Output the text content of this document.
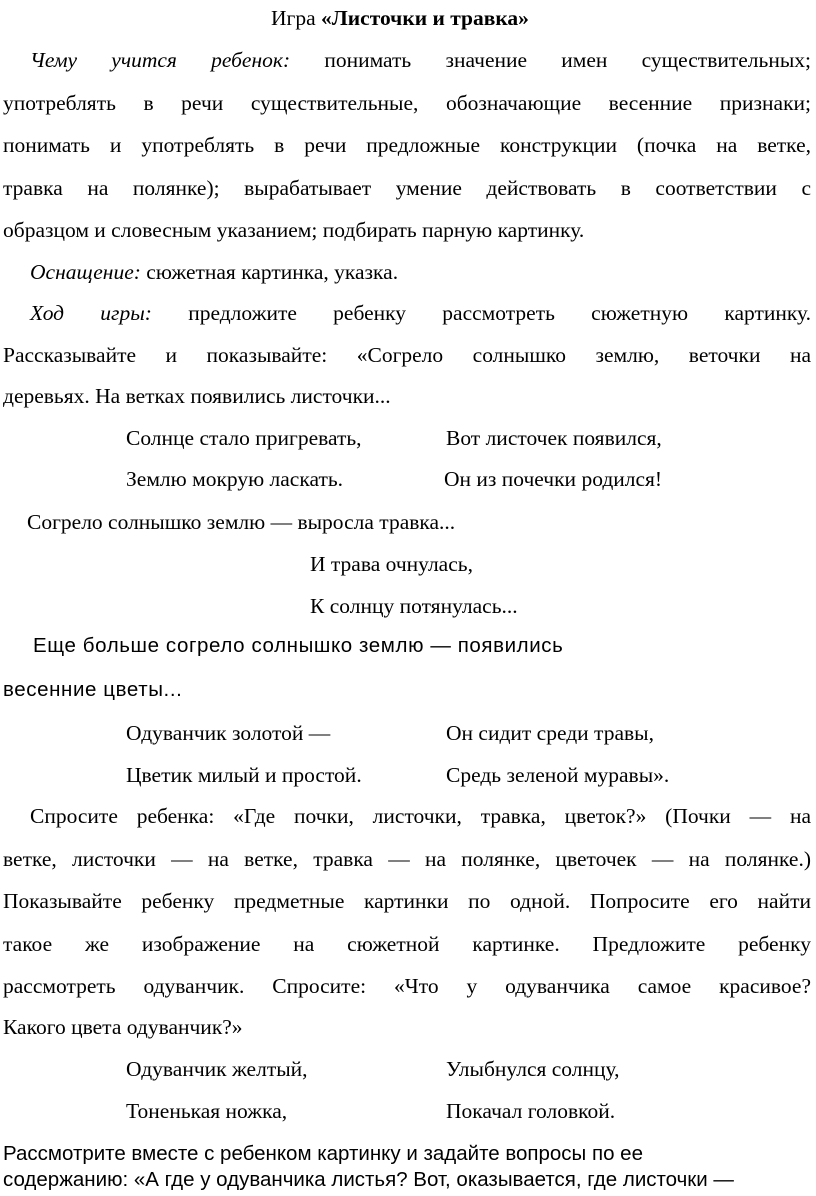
Игра «Листочки и травка»
Чему учится ребенок: понимать значение имен существительных;
употреблять в речи существительные, обозначающие весенние признаки;
понимать и употреблять в речи предложные конструкции (почка на ветке,
травка на полянке); вырабатывает умение действовать в соответствии с
образцом и словесным указанием; подбирать парную картинку.
Оснащение: сюжетная картинка, указка.
Ход игры: предложите ребенку рассмотреть сюжетную картинку.
Рассказывайте и показывайте: «Согрело солнышко землю, веточки на
деревьях. На ветках появились листочки...
Солнце стало пригревать,	Вот листочек появился,
Землю мокрую ласкать.	Он из почечки родился!
Согрело солнышко землю — выросла травка...
И трава очнулась,
К солнцу потянулась...
Еще больше согрело солнышко землю — появились
весенние цветы...
Одуванчик золотой —	Он сидит среди травы,
Цветик милый и простой.	Средь зеленой муравы».
Спросите ребенка: «Где почки, листочки, травка, цветок?» (Почки — на
ветке, листочки — на ветке, травка — на полянке, цветочек — на полянке.)
Показывайте ребенку предметные картинки по одной. Попросите его найти
такое же изображение на сюжетной картинке. Предложите ребенку
рассмотреть одуванчик. Спросите: «Что у одуванчика самое красивое?
Какого цвета одуванчик?»
Одуванчик желтый,	Улыбнулся солнцу,
Тоненькая ножка,	Покачал головкой.
Рассмотрите вместе с ребенком картинку и задайте вопросы по ее
содержанию: «А где у одуванчика листья? Вот, оказывается, где листочки —
